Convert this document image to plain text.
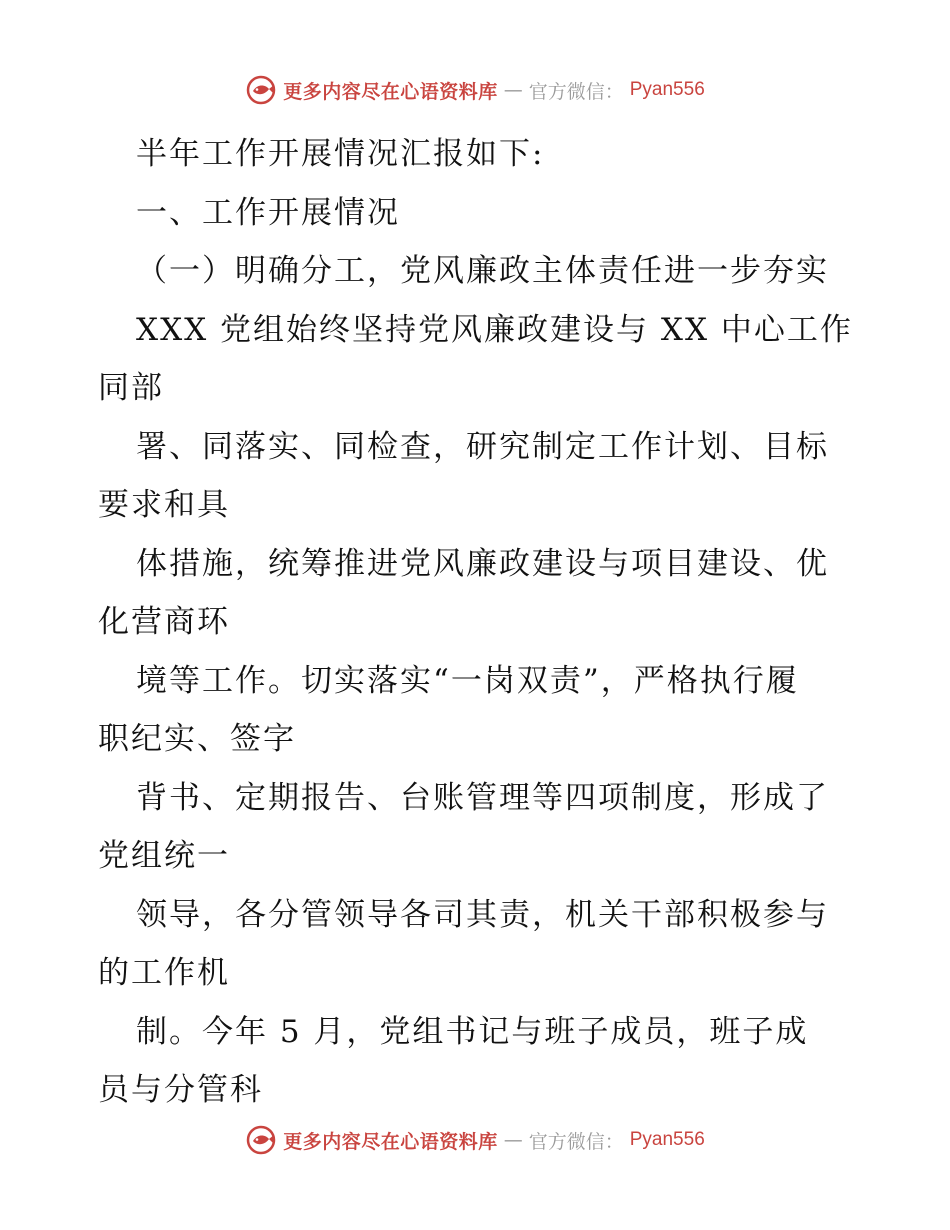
更多内容尽在心语资料库 — 官方微信： Pyan556
半年工作开展情况汇报如下:
一、工作开展情况
（一）明确分工，党风廉政主体责任进一步夯实
XXX 党组始终坚持党风廉政建设与 XX 中心工作
同部
署、同落实、同检查，研究制定工作计划、目标
要求和具
体措施，统筹推进党风廉政建设与项目建设、优
化营商环
境等工作。切实落实“一岗双责”，严格执行履
职纪实、签字
背书、定期报告、台账管理等四项制度，形成了
党组统一
领导，各分管领导各司其责，机关干部积极参与
的工作机
制。今年 5 月，党组书记与班子成员，班子成
员与分管科
更多内容尽在心语资料库 — 官方微信： Pyan556
